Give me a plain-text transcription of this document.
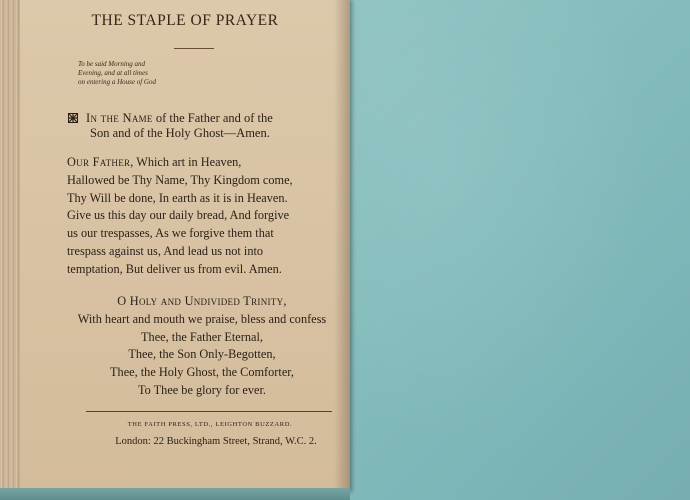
THE STAPLE OF PRAYER
To be said Morning and
Evening, and at all times
on entering a House of God
In the Name of the Father and of the
Son and of the Holy Ghost—Amen.
Our Father, Which art in Heaven,
Hallowed be Thy Name, Thy Kingdom come,
Thy Will be done, In earth as it is in Heaven.
Give us this day our daily bread, And forgive
us our trespasses, As we forgive them that
trespass against us, And lead us not into
temptation, But deliver us from evil. Amen.
O Holy and Undivided Trinity,
With heart and mouth we praise, bless and confess
Thee, the Father Eternal,
Thee, the Son Only-Begotten,
Thee, the Holy Ghost, the Comforter,
To Thee be glory for ever.
THE FAITH PRESS, LTD., LEIGHTON BUZZARD.
London: 22 Buckingham Street, Strand, W.C. 2.
